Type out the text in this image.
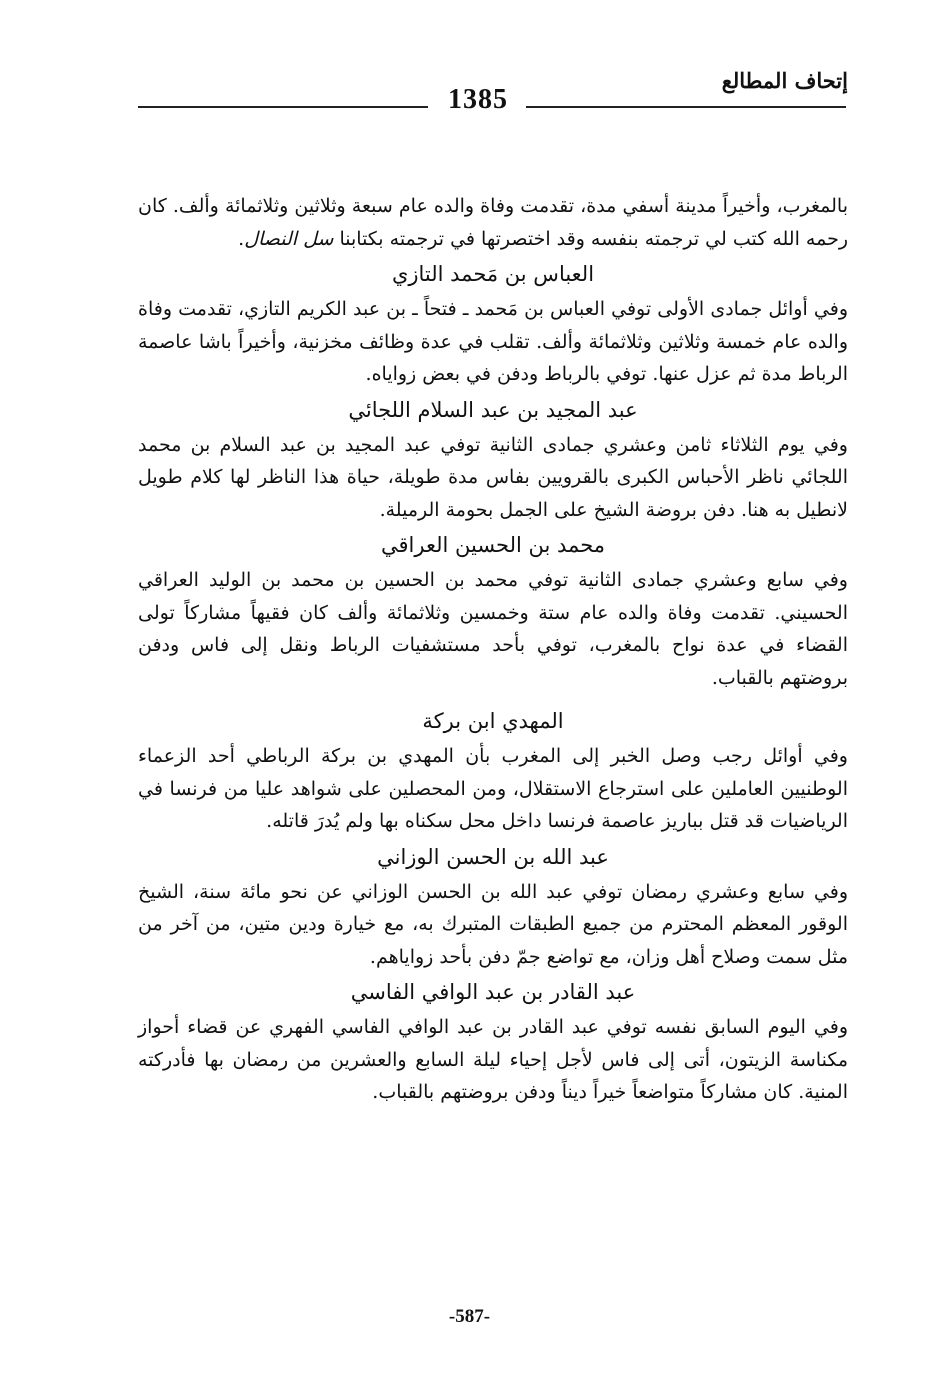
إتحاف المطالع
1385

بالمغرب، وأخيراً مدينة أسفي مدة، تقدمت وفاة والده عام سبعة وثلاثين وثلاثمائة وألف. كان رحمه الله كتب لي ترجمته بنفسه وقد اختصرتها في ترجمته بكتابنا سل النصال.

العباس بن مَحمد التازي

وفي أوائل جمادى الأولى توفي العباس بن مَحمد ـ فتحاً ـ بن عبد الكريم التازي، تقدمت وفاة والده عام خمسة وثلاثين وثلاثمائة وألف. تقلب في عدة وظائف مخزنية، وأخيراً باشا عاصمة الرباط مدة ثم عزل عنها. توفي بالرباط ودفن في بعض زواياه.

عبد المجيد بن عبد السلام اللجائي

وفي يوم الثلاثاء ثامن وعشري جمادى الثانية توفي عبد المجيد بن عبد السلام بن محمد اللجائي ناظر الأحباس الكبرى بالقرويين بفاس مدة طويلة، حياة هذا الناظر لها كلام طويل لانطيل به هنا. دفن بروضة الشيخ على الجمل بحومة الرميلة.

محمد بن الحسين العراقي

وفي سابع وعشري جمادى الثانية توفي محمد بن الحسين بن محمد بن الوليد العراقي الحسيني. تقدمت وفاة والده عام ستة وخمسين وثلاثمائة وألف كان فقيهاً مشاركاً تولى القضاء في عدة نواح بالمغرب، توفي بأحد مستشفيات الرباط ونقل إلى فاس ودفن بروضتهم بالقباب.

المهدي ابن بركة

وفي أوائل رجب وصل الخبر إلى المغرب بأن المهدي بن بركة الرباطي أحد الزعماء الوطنيين العاملين على استرجاع الاستقلال، ومن المحصلين على شواهد عليا من فرنسا في الرياضيات قد قتل بباريز عاصمة فرنسا داخل محل سكناه بها ولم يُدرَ قاتله.

عبد الله بن الحسن الوزاني

وفي سابع وعشري رمضان توفي عبد الله بن الحسن الوزاني عن نحو مائة سنة، الشيخ الوقور المعظم المحترم من جميع الطبقات المتبرك به، مع خيارة ودين متين، من آخر من مثل سمت وصلاح أهل وزان، مع تواضع جمّ دفن بأحد زواياهم.

عبد القادر بن عبد الوافي الفاسي

وفي اليوم السابق نفسه توفي عبد القادر بن عبد الوافي الفاسي الفهري عن قضاء أحواز مكناسة الزيتون، أتى إلى فاس لأجل إحياء ليلة السابع والعشرين من رمضان بها فأدركته المنية. كان مشاركاً متواضعاً خيراً ديناً ودفن بروضتهم بالقباب.

-587-
